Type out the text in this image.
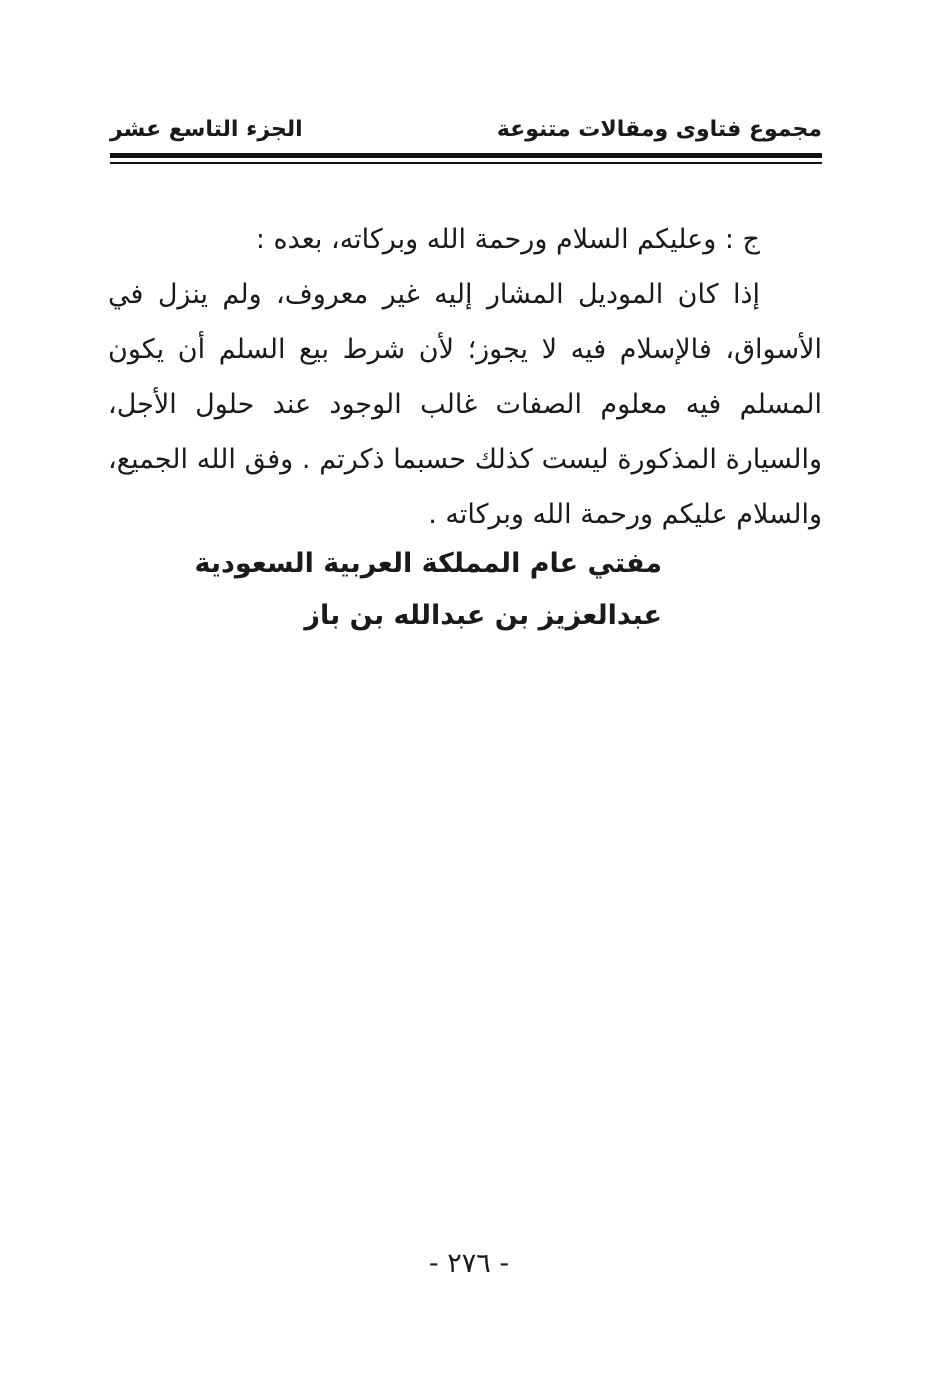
مجموع فتاوى ومقالات متنوعة
الجزء التاسع عشر

ج : وعليكم السلام ورحمة الله وبركاته، بعده :

إذا كان الموديل المشار إليه غير معروف، ولم ينزل في الأسواق، فالإسلام فيه لا يجوز؛ لأن شرط بيع السلم أن يكون المسلم فيه معلوم الصفات غالب الوجود عند حلول الأجل، والسيارة المذكورة ليست كذلك حسبما ذكرتم . وفق الله الجميع، والسلام عليكم ورحمة الله وبركاته .

مفتي عام المملكة العربية السعودية
عبدالعزيز بن عبدالله بن باز
- ٢٧٦ -
